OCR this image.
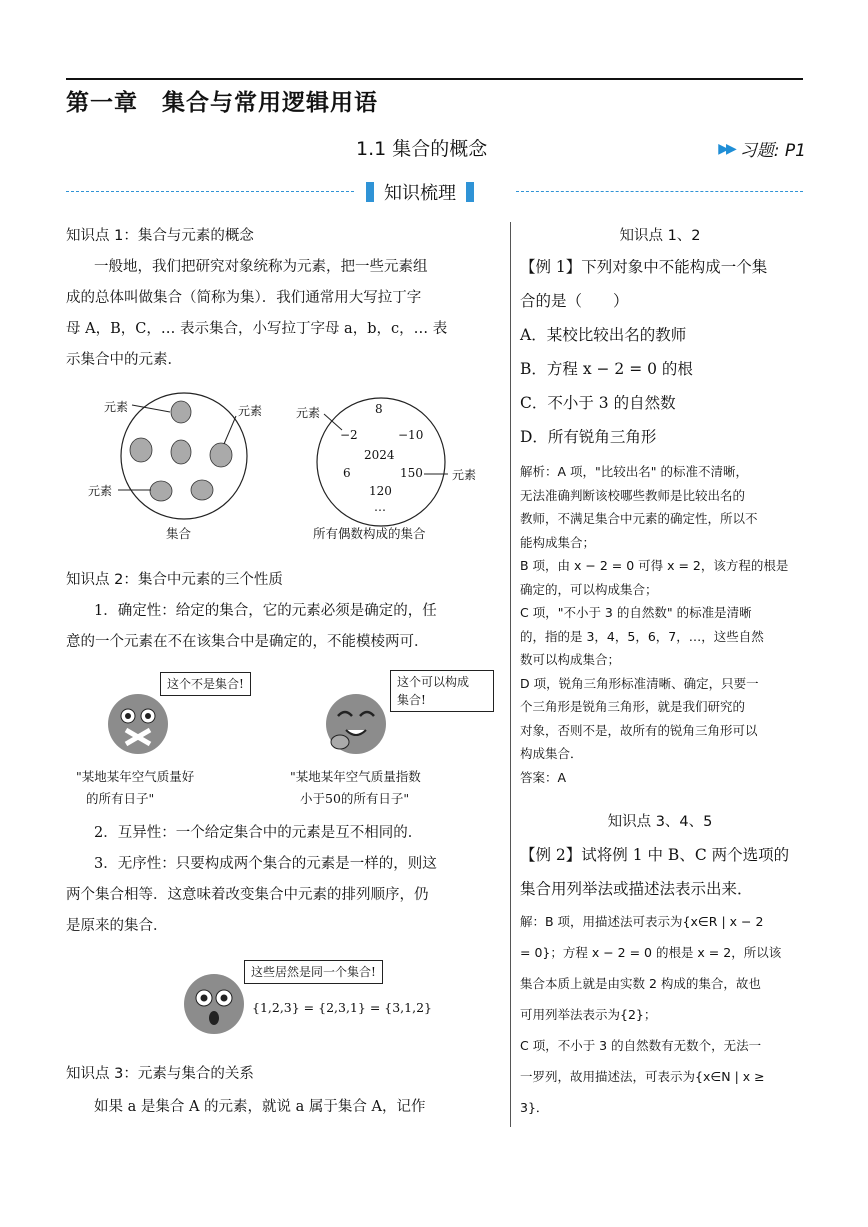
第一章　集合与常用逻辑用语
1.1 集合的概念	▶▶ 习题: P1
知识梳理
知识点 1：集合与元素的概念
一般地，我们把研究对象统称为元素，把一些元素组
成的总体叫做集合（简称为集）．我们通常用大写拉丁字
母 A，B，C，… 表示集合，小写拉丁字母 a，b，c，… 表
示集合中的元素．
元素	元素
元素
元素
元素
8
−2	−10
2024
6	150
120
…
集合	所有偶数构成的集合
知识点 2：集合中元素的三个性质
1．确定性：给定的集合，它的元素必须是确定的，任
意的一个元素在不在该集合中是确定的，不能模棱两可．
这个不是集合!	这个可以构成
集合!
"某地某年空气质量好
的所有日子"
"某地某年空气质量指数
小于50的所有日子"
2．互异性：一个给定集合中的元素是互不相同的．
3．无序性：只要构成两个集合的元素是一样的，则这
两个集合相等．这意味着改变集合中元素的排列顺序，仍
是原来的集合．
这些居然是同一个集合!
{1,2,3} = {2,3,1} = {3,1,2}
知识点 3：元素与集合的关系
如果 a 是集合 A 的元素，就说 a 属于集合 A，记作
知识点 1、2
【例 1】下列对象中不能构成一个集
合的是（　　）
A．某校比较出名的教师
B．方程 x − 2 = 0 的根
C．不小于 3 的自然数
D．所有锐角三角形
解析：A 项，"比较出名" 的标准不清晰，
无法准确判断该校哪些教师是比较出名的
教师，不满足集合中元素的确定性，所以不
能构成集合；
B 项，由 x − 2 = 0 可得 x = 2，该方程的根是
确定的，可以构成集合；
C 项，"不小于 3 的自然数" 的标准是清晰
的，指的是 3，4，5，6，7，…，这些自然
数可以构成集合；
D 项，锐角三角形标准清晰、确定，只要一
个三角形是锐角三角形，就是我们研究的
对象，否则不是，故所有的锐角三角形可以
构成集合．
答案：A
知识点 3、4、5
【例 2】试将例 1 中 B、C 两个选项的
集合用列举法或描述法表示出来．
解：B 项，用描述法可表示为{x∈R | x − 2
= 0}；方程 x − 2 = 0 的根是 x = 2，所以该
集合本质上就是由实数 2 构成的集合，故也
可用列举法表示为{2}；
C 项，不小于 3 的自然数有无数个，无法一
一罗列，故用描述法，可表示为{x∈N | x ≥
3}．
